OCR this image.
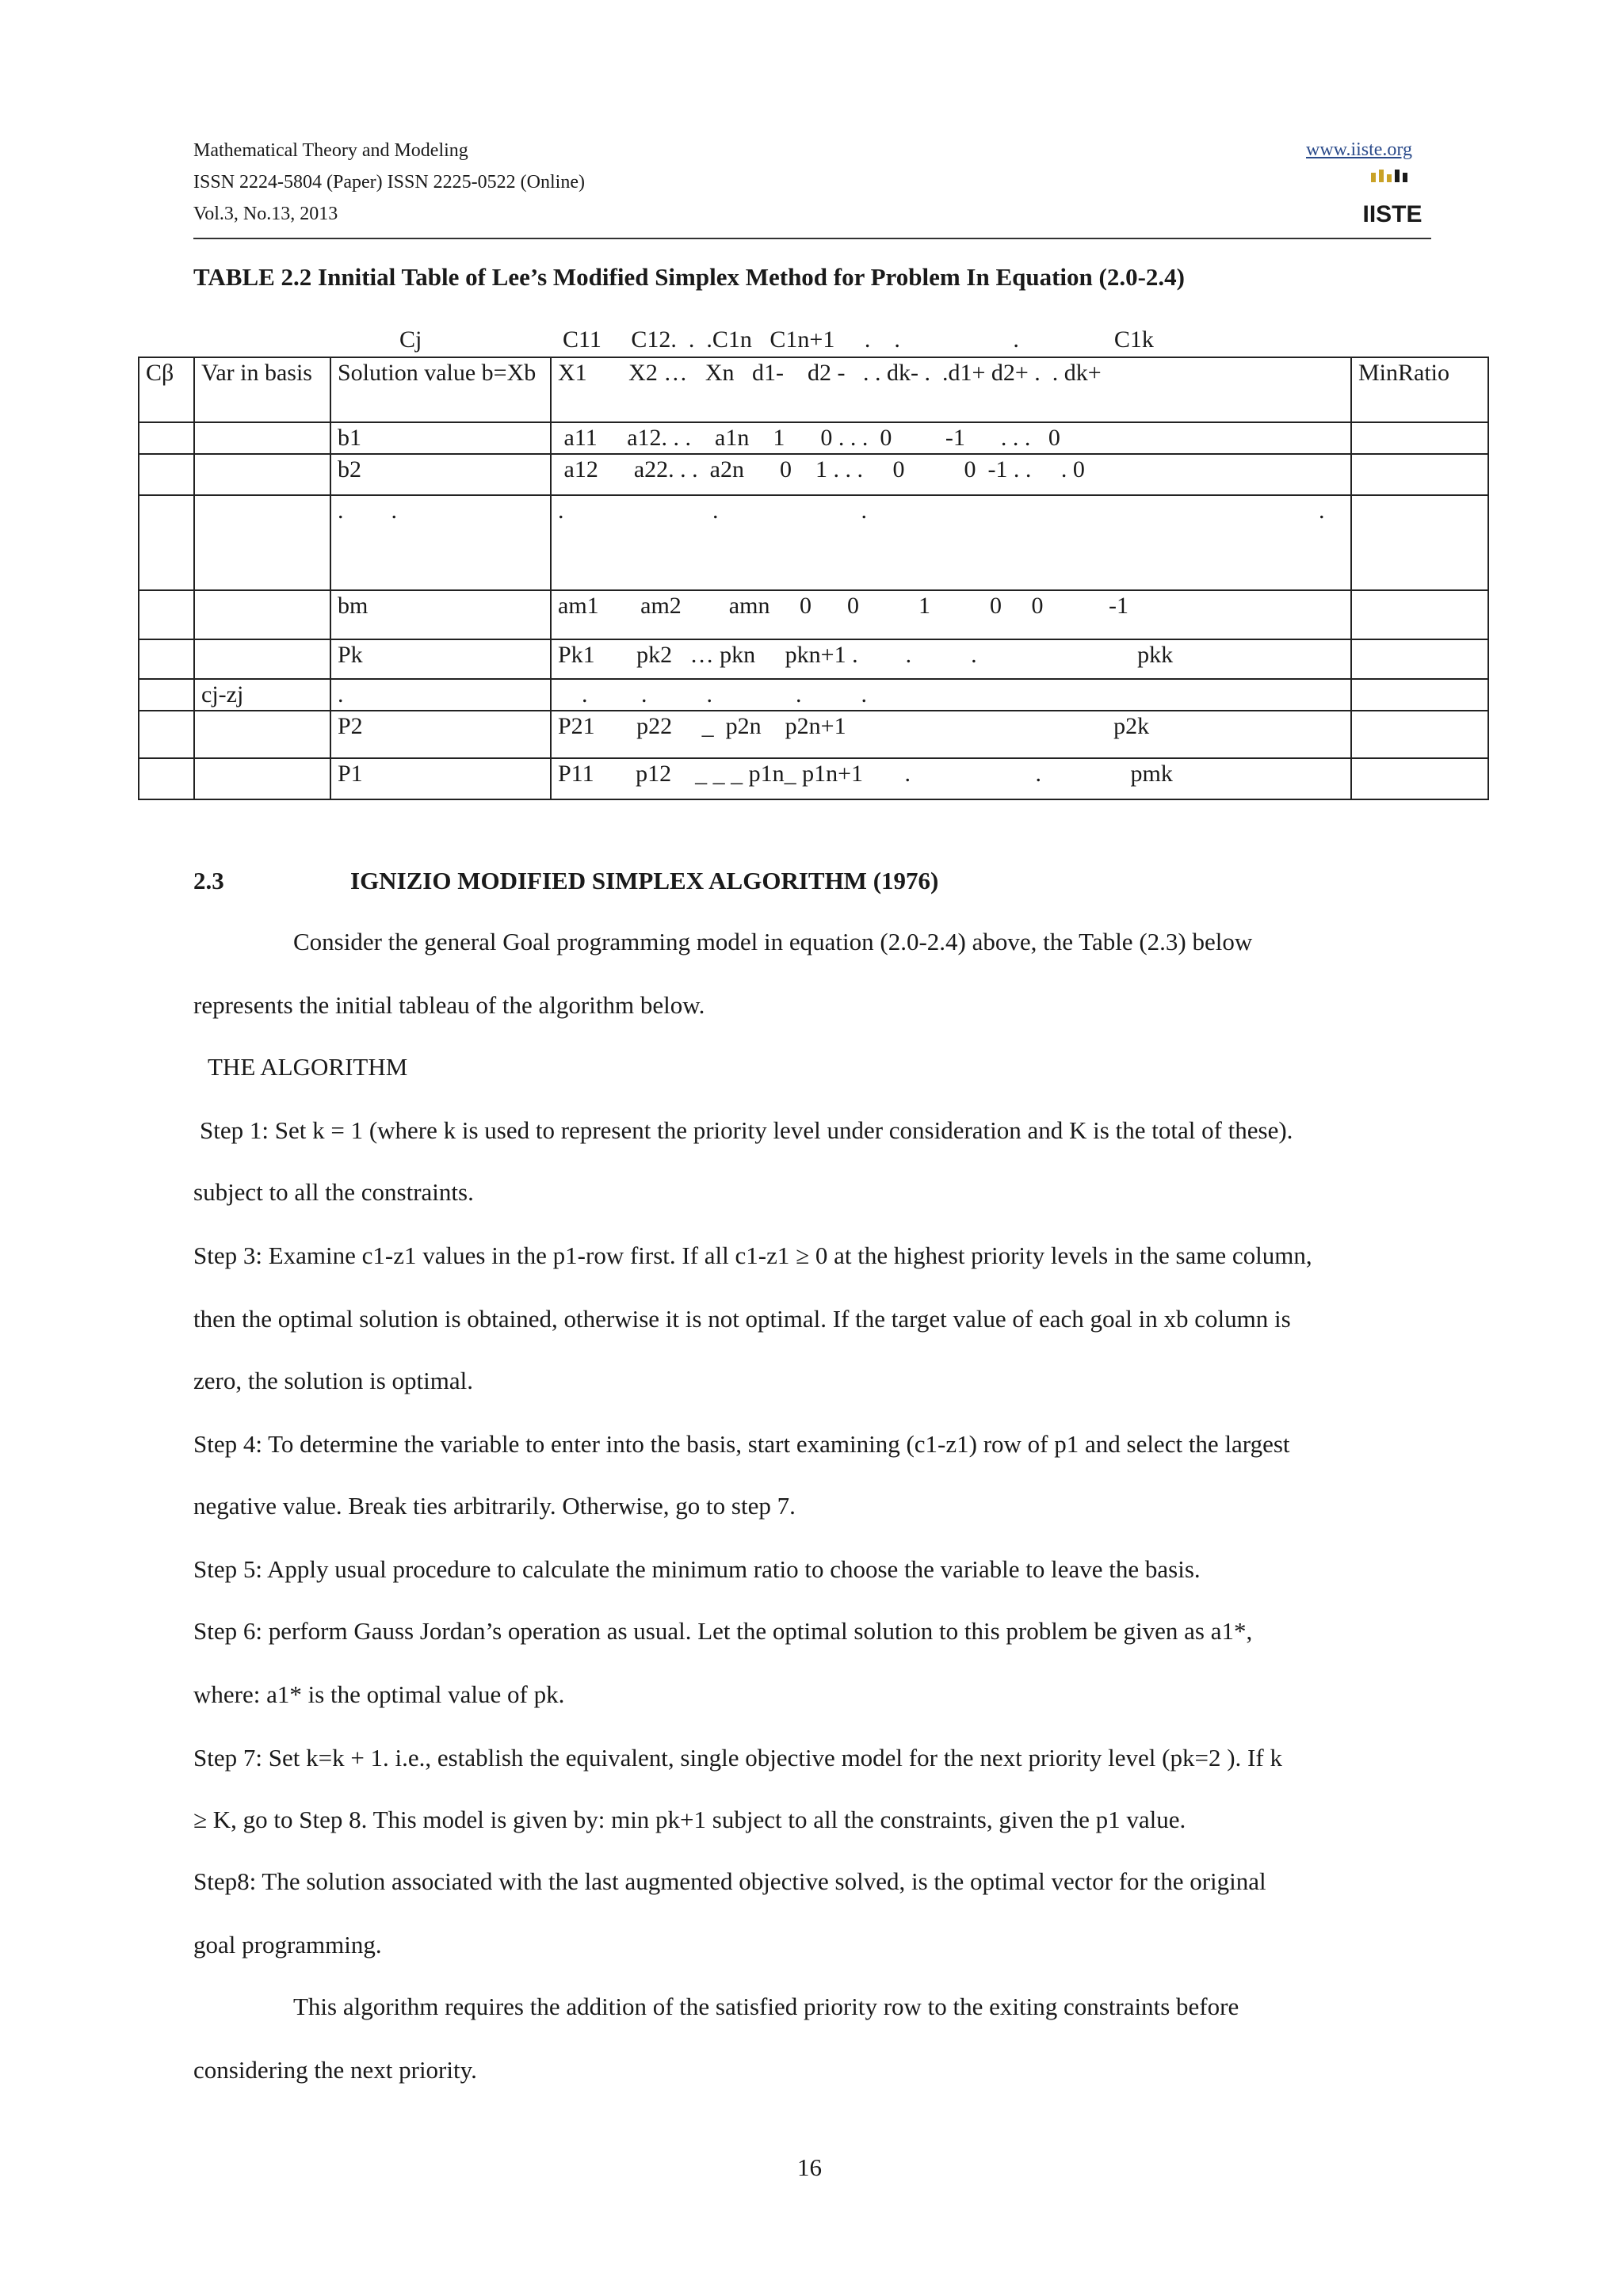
Mathematical Theory and Modeling
ISSN 2224-5804 (Paper) ISSN 2225-0522 (Online)
Vol.3, No.13, 2013
www.iiste.org
IISTE
TABLE 2.2 Innitial Table of Lee’s Modified Simplex Method for Problem In Equation (2.0-2.4)
Cj	C11     C12.  .  .C1n   C1n+1     .    .                   .                C1k
Cβ	Var in basis	Solution value b=Xb	X1       X2 …   Xn   d1-    d2 -   . . dk- .  .d1+ d2+ .  . dk+	MinRatio
		b1	a11     a12. . .    a1n    1      0 . . .  0         -1      . . .   0	
		b2	a12      a22. . .  a2n      0    1 . . .     0          0  -1 . .     . 0	
		.        .	.                         .                        .                                                                            .	
		bm	am1       am2        amn     0      0          1          0     0           -1	
		Pk	Pk1       pk2   … pkn     pkn+1 .        .          .                           pkk	
	cj-zj	.	.         .          .              .          .	
		P2	P21       p22     _  p2n    p2n+1                                             p2k	
		P1	P11       p12    _ _ _ p1n_ p1n+1       .                     .               pmk	
2.3	IGNIZIO MODIFIED SIMPLEX ALGORITHM (1976)
Consider the general Goal programming model in equation (2.0-2.4) above, the Table (2.3) below
represents the initial tableau of the algorithm below.
THE ALGORITHM
Step 1: Set k = 1 (where k is used to represent the priority level under consideration and K is the total of these).
subject to all the constraints.
Step 3: Examine c1-z1 values in the p1-row first. If all c1-z1 ≥ 0 at the highest priority levels in the same column,
then the optimal solution is obtained, otherwise it is not optimal. If the target value of each goal in xb column is
zero, the solution is optimal.
Step 4: To determine the variable to enter into the basis, start examining (c1-z1) row of p1 and select the largest
negative value. Break ties arbitrarily. Otherwise, go to step 7.
Step 5: Apply usual procedure to calculate the minimum ratio to choose the variable to leave the basis.
Step 6: perform Gauss Jordan’s operation as usual. Let the optimal solution to this problem be given as a1*,
where: a1* is the optimal value of pk.
Step 7: Set k=k + 1. i.e., establish the equivalent, single objective model for the next priority level (pk=2 ). If k
≥ K, go to Step 8. This model is given by: min pk+1 subject to all the constraints, given the p1 value.
Step8: The solution associated with the last augmented objective solved, is the optimal vector for the original
goal programming.
This algorithm requires the addition of the satisfied priority row to the exiting constraints before
considering the next priority.
16
